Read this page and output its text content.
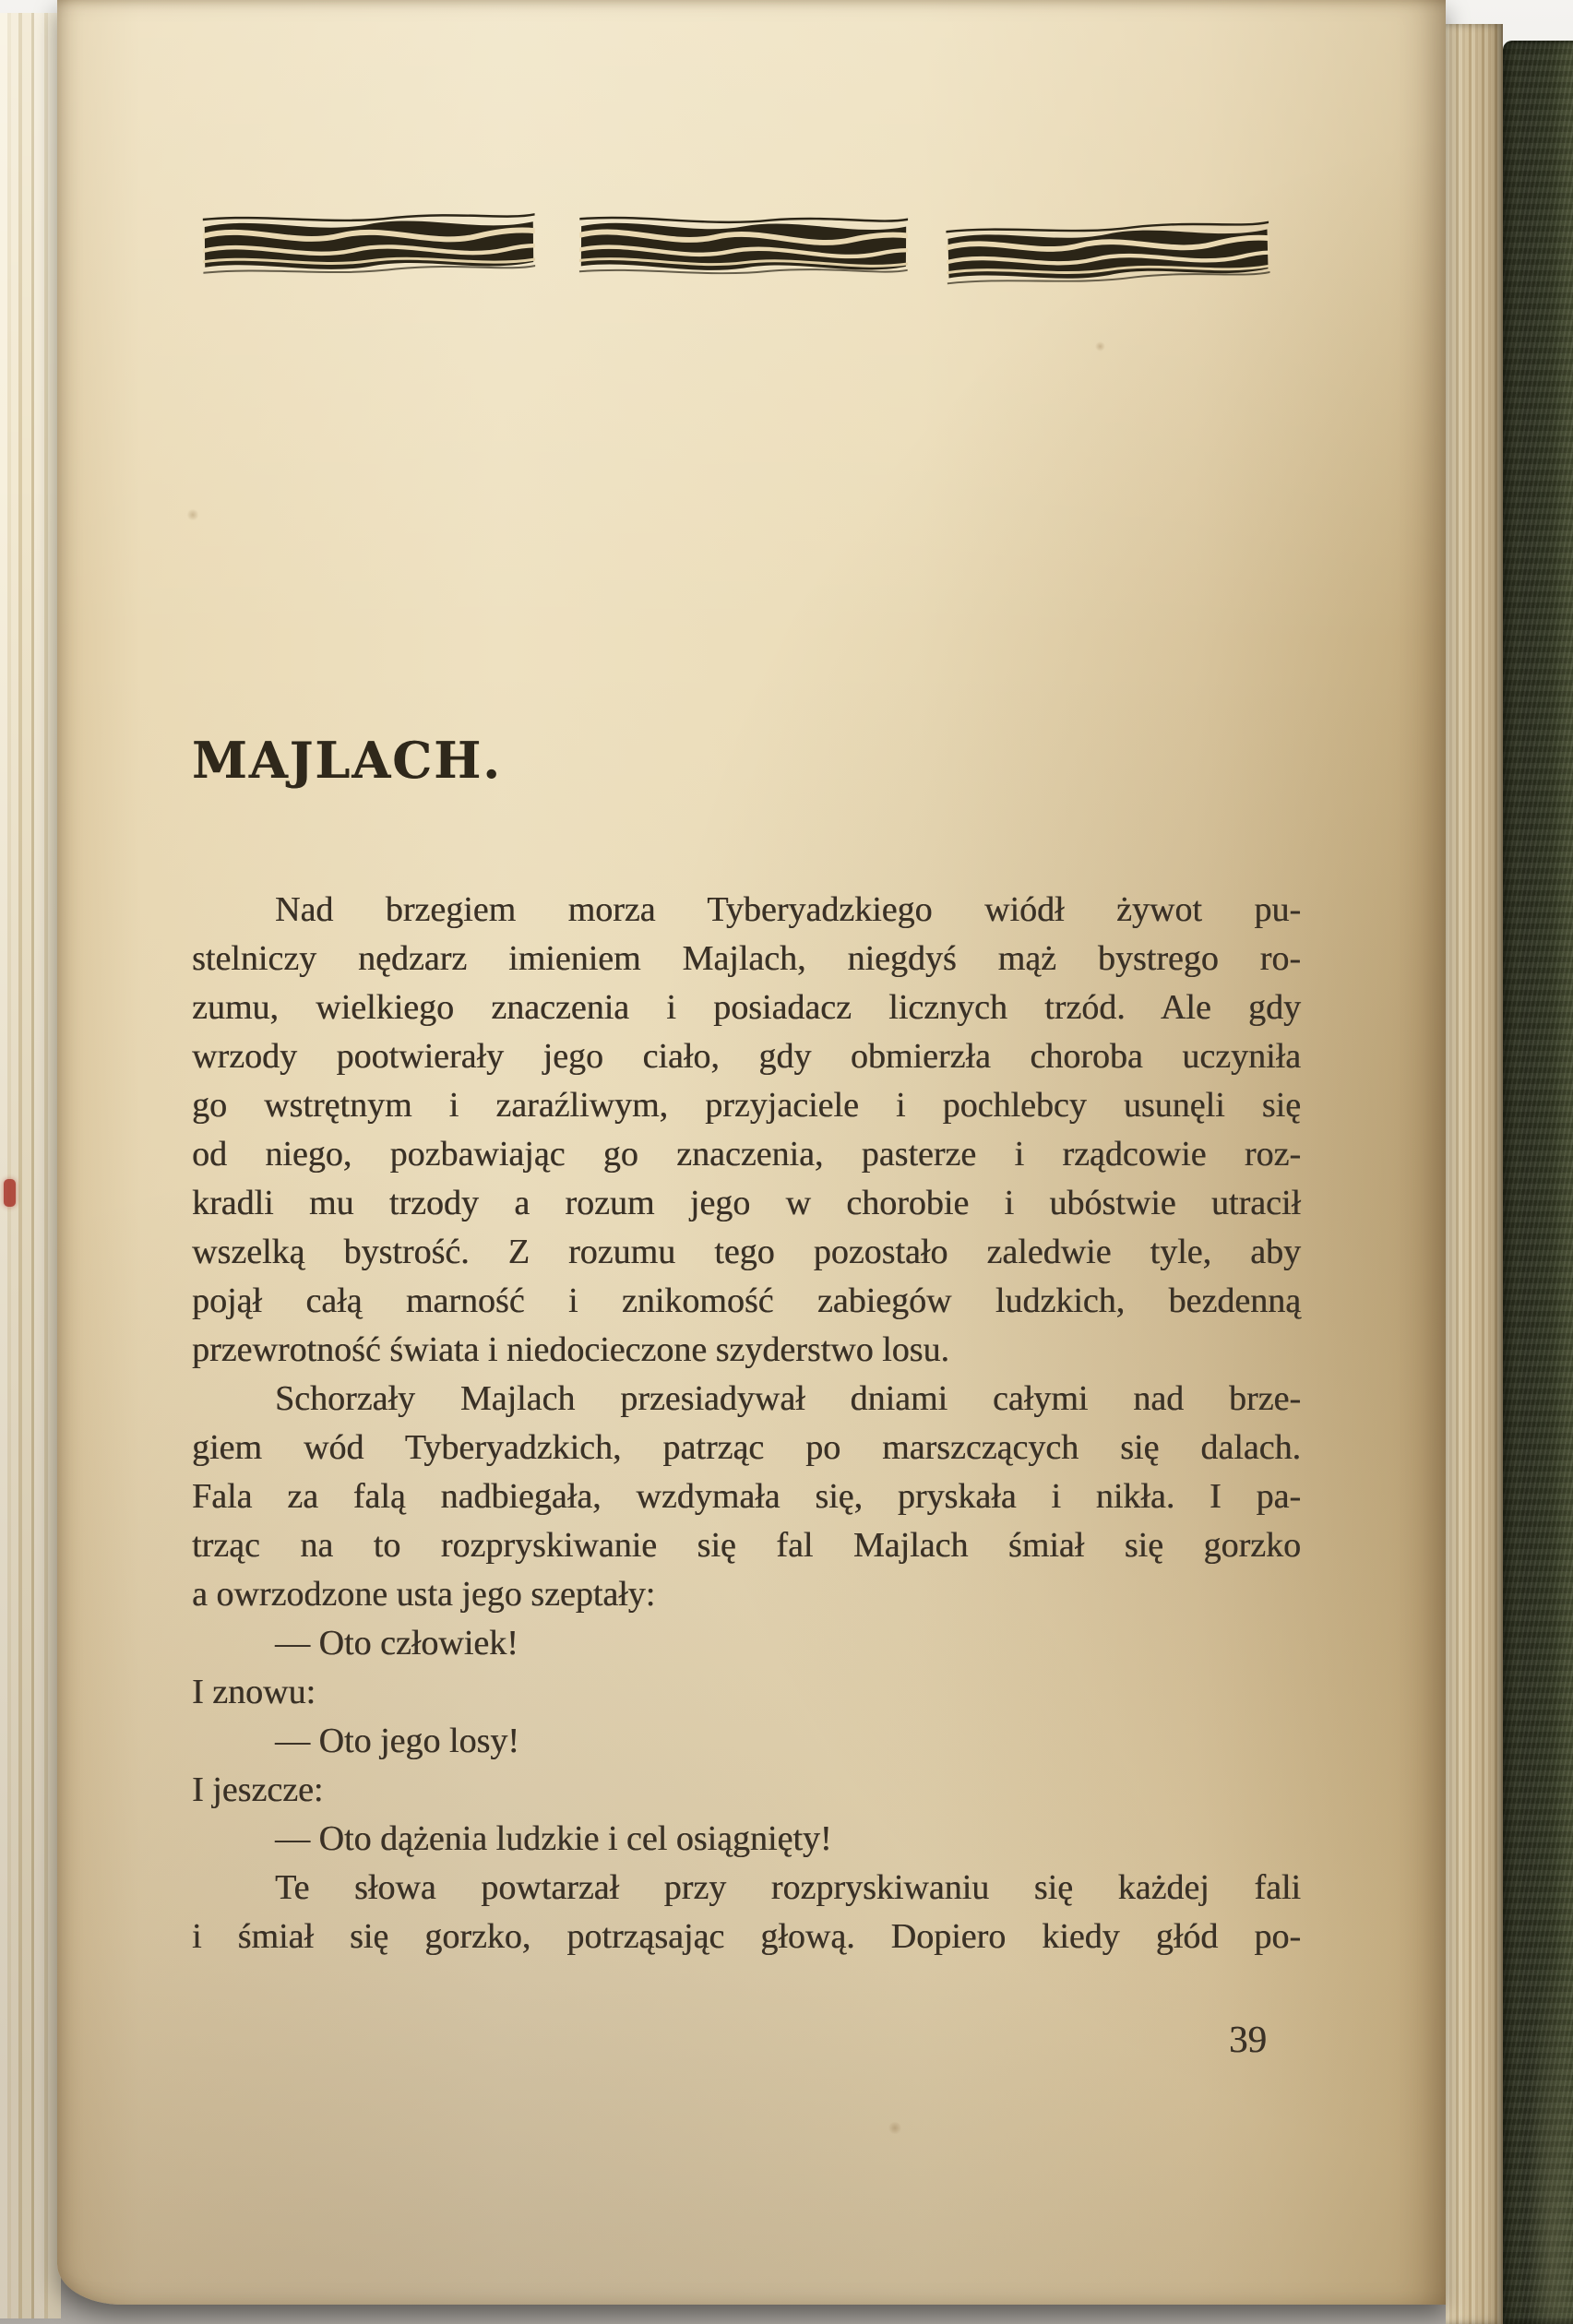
MAJLACH.
Nad brzegiem morza Tyberyadzkiego wiódł żywot pu-
stelniczy nędzarz imieniem Majlach, niegdyś mąż bystrego ro-
zumu, wielkiego znaczenia i posiadacz licznych trzód. Ale gdy
wrzody pootwierały jego ciało, gdy obmierzła choroba uczyniła
go wstrętnym i zaraźliwym, przyjaciele i pochlebcy usunęli się
od niego, pozbawiając go znaczenia, pasterze i rządcowie roz-
kradli mu trzody a rozum jego w chorobie i ubóstwie utracił
wszelką bystrość. Z rozumu tego pozostało zaledwie tyle, aby
pojął całą marność i znikomość zabiegów ludzkich, bezdenną
przewrotność świata i niedocieczone szyderstwo losu.
Schorzały Majlach przesiadywał dniami całymi nad brze-
giem wód Tyberyadzkich, patrząc po marszczących się dalach.
Fala za falą nadbiegała, wzdymała się, pryskała i nikła. I pa-
trząc na to rozpryskiwanie się fal Majlach śmiał się gorzko
a owrzodzone usta jego szeptały:
— Oto człowiek!
I znowu:
— Oto jego losy!
I jeszcze:
— Oto dążenia ludzkie i cel osiągnięty!
Te słowa powtarzał przy rozpryskiwaniu się każdej fali
i śmiał się gorzko, potrząsając głową. Dopiero kiedy głód po-
39
